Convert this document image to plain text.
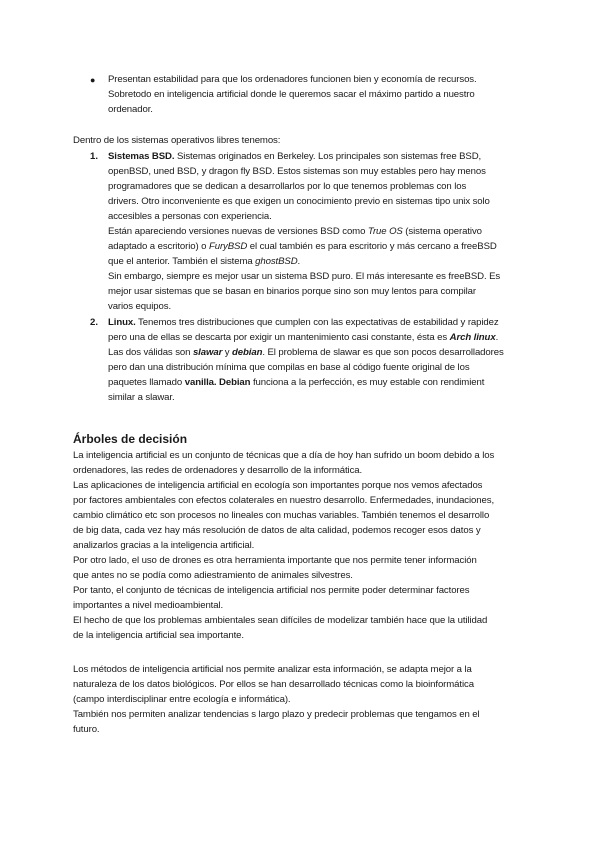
● Presentan estabilidad para que los ordenadores funcionen bien y economía de recursos.
Sobretodo en inteligencia artificial donde le queremos sacar el máximo partido a nuestro
ordenador.
Dentro de los sistemas operativos libres tenemos:
1. Sistemas BSD. Sistemas originados en Berkeley. Los principales son sistemas free BSD,
openBSD, uned BSD, y dragon fly BSD. Estos sistemas son muy estables pero hay menos
programadores que se dedican a desarrollarlos por lo que tenemos problemas con los
drivers. Otro inconveniente es que exigen un conocimiento previo en sistemas tipo unix solo
accesibles a personas con experiencia.
Están apareciendo versiones nuevas de versiones BSD como True OS (sistema operativo
adaptado a escritorio) o FuryBSD el cual también es para escritorio y más cercano a freeBSD
que el anterior. También el sistema ghostBSD.
Sin embargo, siempre es mejor usar un sistema BSD puro. El más interesante es freeBSD. Es
mejor usar sistemas que se basan en binarios porque sino son muy lentos para compilar
varios equipos.
2. Linux. Tenemos tres distribuciones que cumplen con las expectativas de estabilidad y rapidez
pero una de ellas se descarta por exigir un mantenimiento casi constante, ésta es Arch linux.
Las dos válidas son slawar y debian. El problema de slawar es que son pocos desarrolladores
pero dan una distribución mínima que compilas en base al código fuente original de los
paquetes llamado vanilla. Debian funciona a la perfección, es muy estable con rendimient
similar a slawar.
Árboles de decisión
La inteligencia artificial es un conjunto de técnicas que a día de hoy han sufrido un boom debido a los
ordenadores, las redes de ordenadores y desarrollo de la informática.
Las aplicaciones de inteligencia artificial en ecología son importantes porque nos vemos afectados
por factores ambientales con efectos colaterales en nuestro desarrollo. Enfermedades, inundaciones,
cambio climático etc son procesos no lineales con muchas variables. También tenemos el desarrollo
de big data, cada vez hay más resolución de datos de alta calidad, podemos recoger esos datos y
analizarlos gracias a la inteligencia artificial.
Por otro lado, el uso de drones es otra herramienta importante que nos permite tener información
que antes no se podía como adiestramiento de animales silvestres.
Por tanto, el conjunto de técnicas de inteligencia artificial nos permite poder determinar factores
importantes a nivel medioambiental.
El hecho de que los problemas ambientales sean difíciles de modelizar también hace que la utilidad
de la inteligencia artificial sea importante.
Los métodos de inteligencia artificial nos permite analizar esta información, se adapta mejor a la
naturaleza de los datos biológicos. Por ellos se han desarrollado técnicas como la bioinformática
(campo interdisciplinar entre ecología e informática).
También nos permiten analizar tendencias s largo plazo y predecir problemas que tengamos en el
futuro.
